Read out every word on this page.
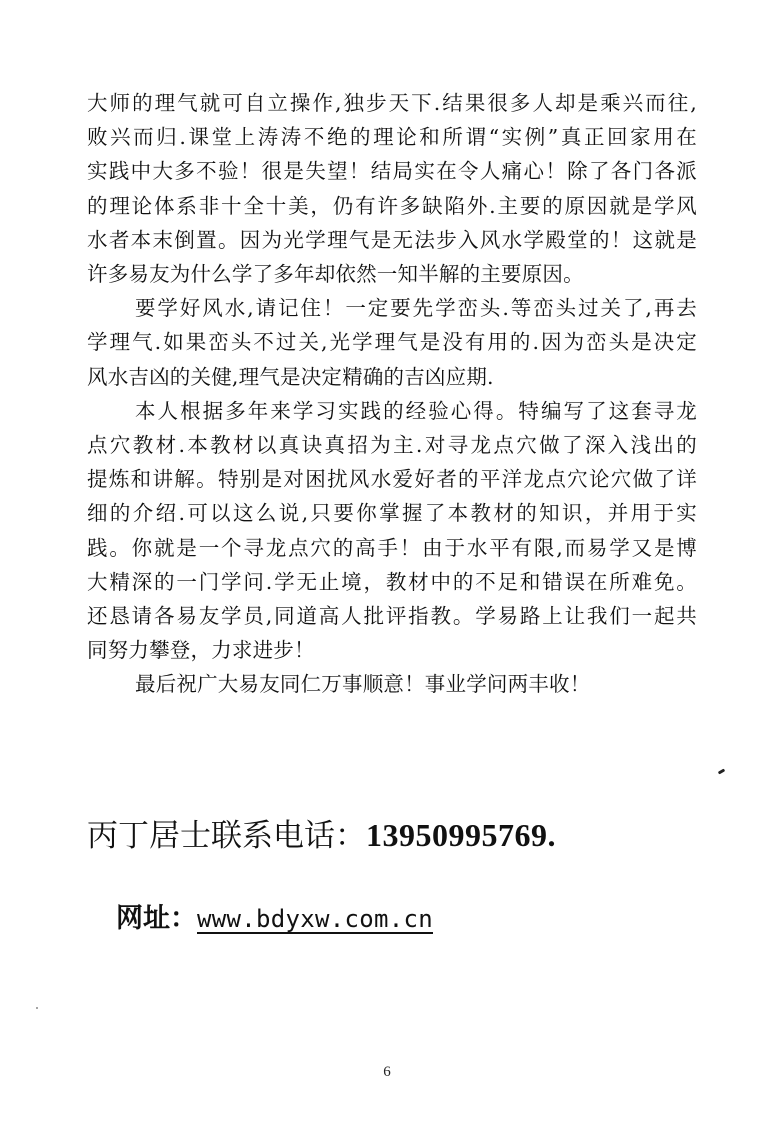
大师的理气就可自立操作,独步天下.结果很多人却是乘兴而往,
败兴而归.课堂上涛涛不绝的理论和所谓“实例”真正回家用在
实践中大多不验！很是失望！结局实在令人痛心！除了各门各派
的理论体系非十全十美，仍有许多缺陷外.主要的原因就是学风
水者本末倒置。因为光学理气是无法步入风水学殿堂的！这就是
许多易友为什么学了多年却依然一知半解的主要原因。
要学好风水,请记住！一定要先学峦头.等峦头过关了,再去
学理气.如果峦头不过关,光学理气是没有用的.因为峦头是决定
风水吉凶的关健,理气是决定精确的吉凶应期.
本人根据多年来学习实践的经验心得。特编写了这套寻龙
点穴教材.本教材以真诀真招为主.对寻龙点穴做了深入浅出的
提炼和讲解。特别是对困扰风水爱好者的平洋龙点穴论穴做了详
细的介绍.可以这么说,只要你掌握了本教材的知识，并用于实
践。你就是一个寻龙点穴的高手！由于水平有限,而易学又是博
大精深的一门学问.学无止境，教材中的不足和错误在所难免。
还恳请各易友学员,同道高人批评指教。学易路上让我们一起共
同努力攀登，力求进步！
最后祝广大易友同仁万事顺意！事业学问两丰收！
丙丁居士联系电话：13950995769.
网址：www.bdyxw.com.cn
6
